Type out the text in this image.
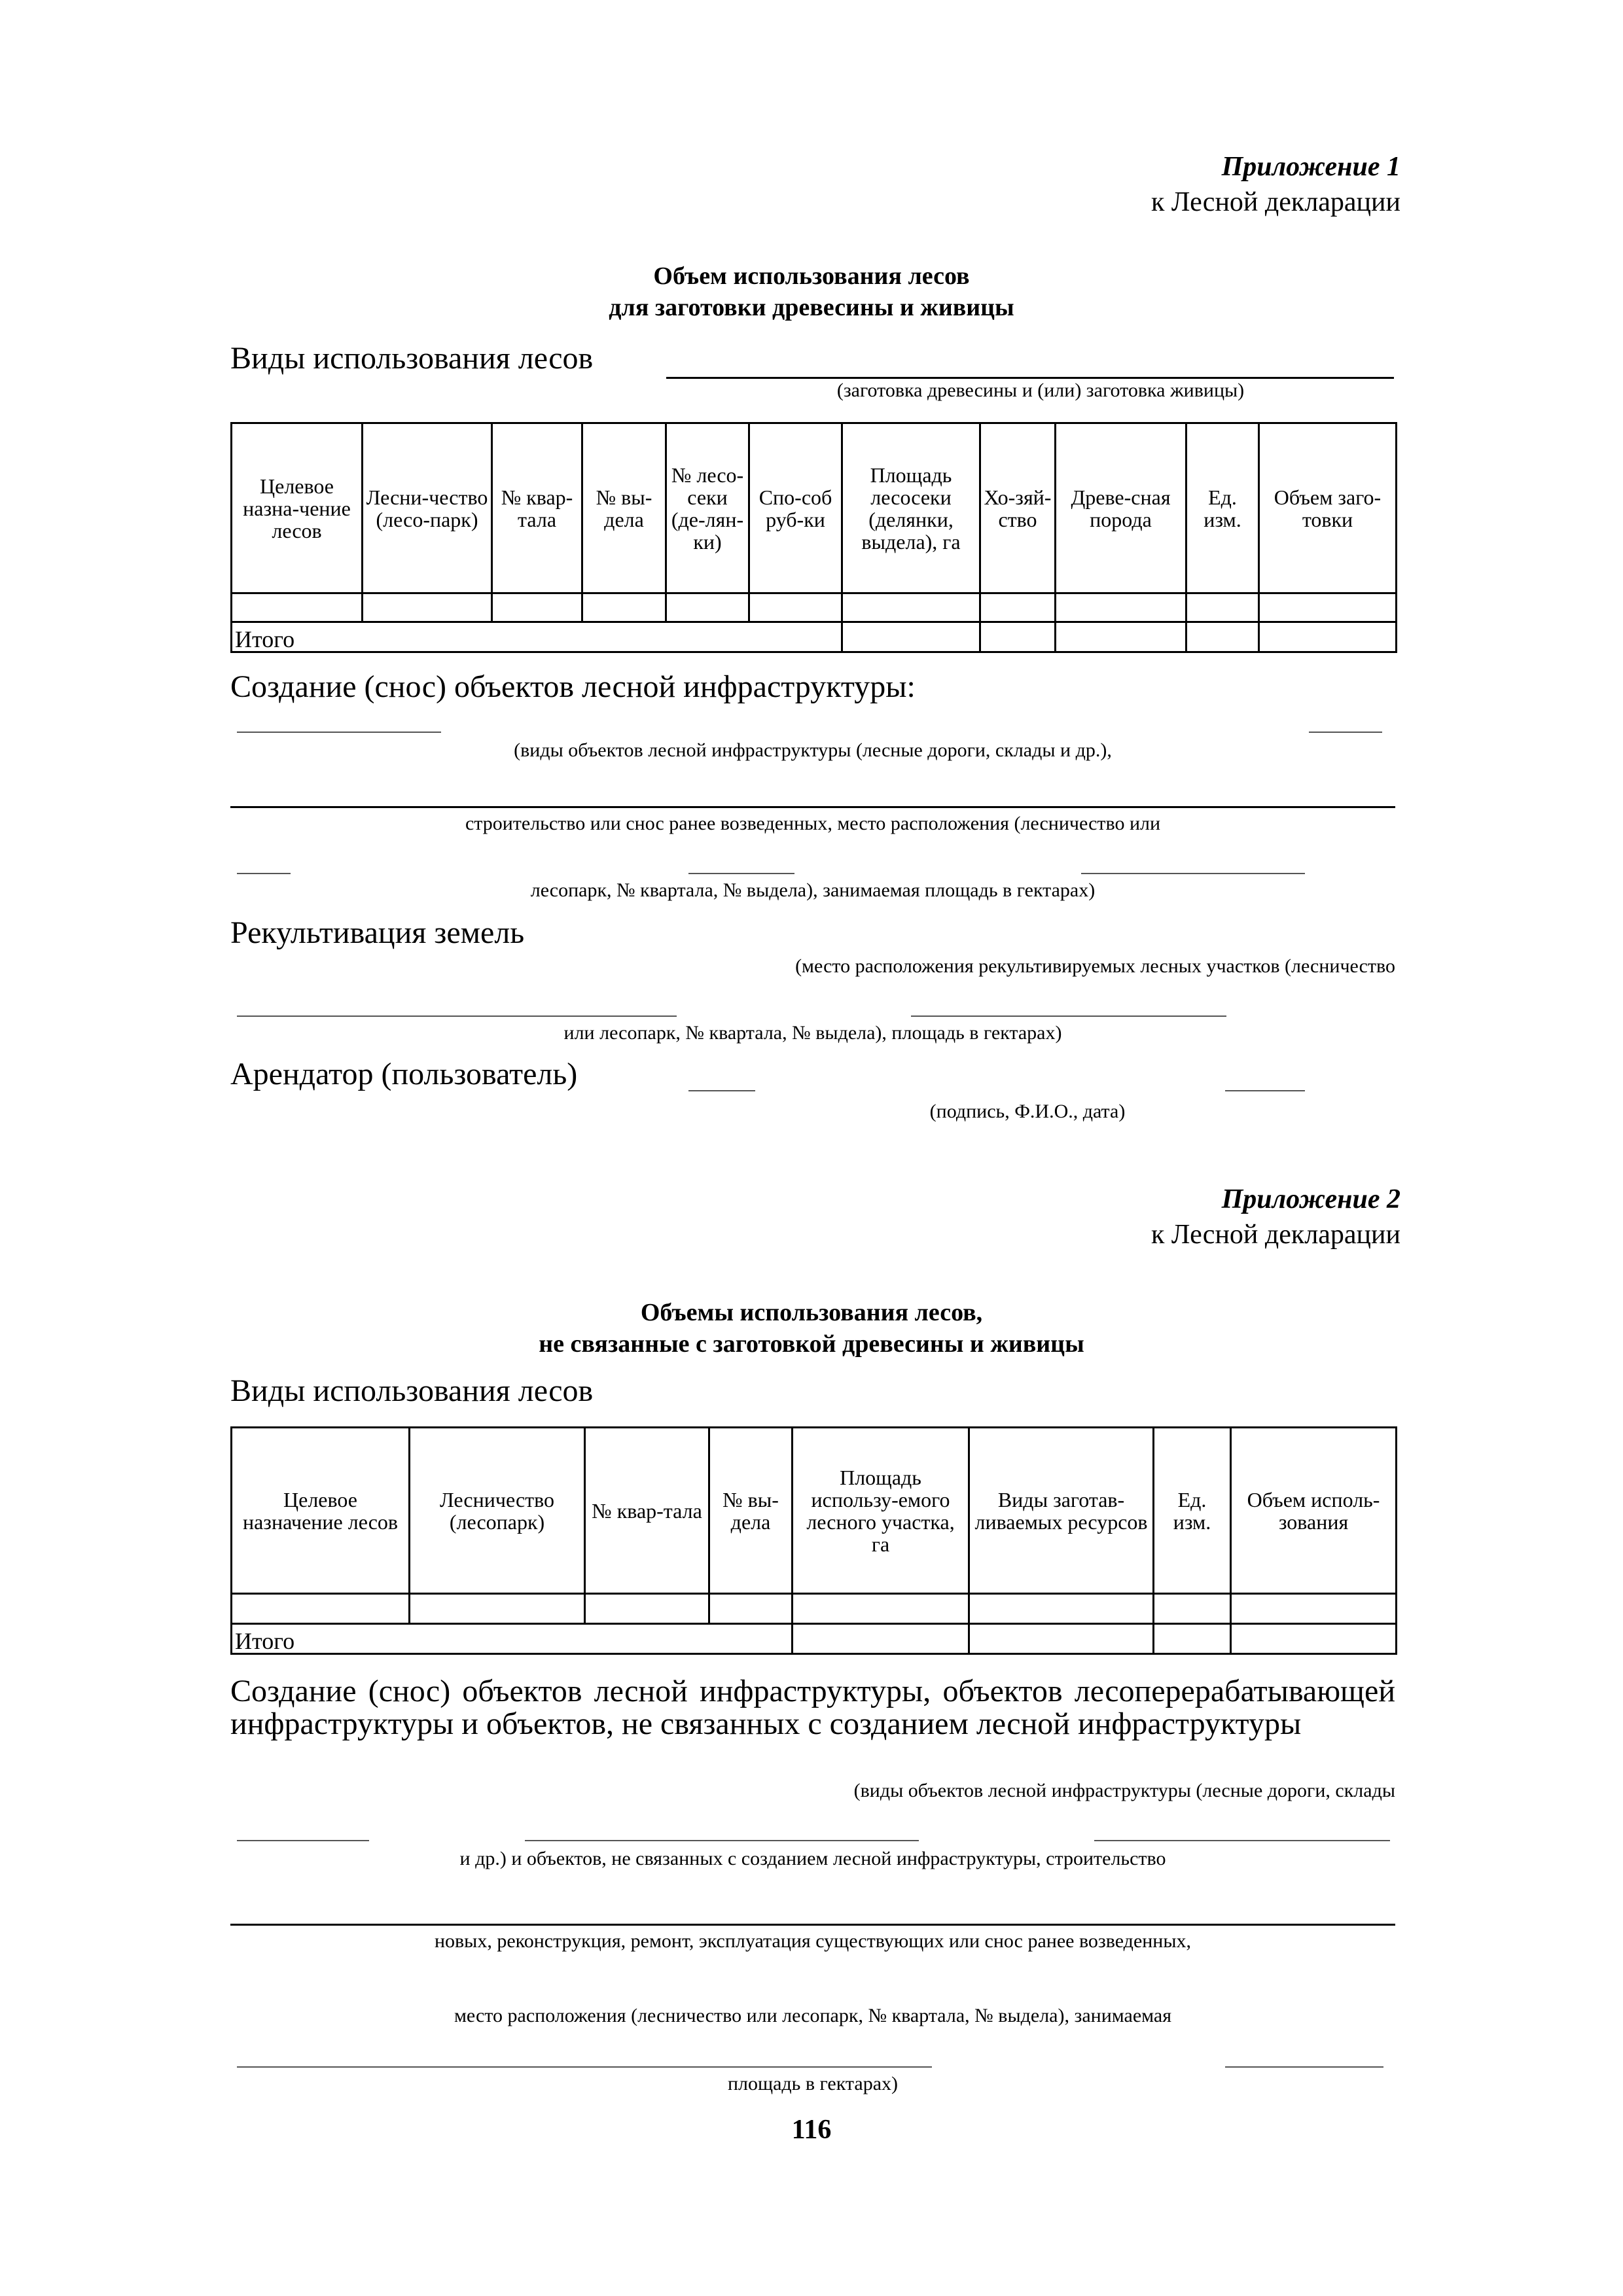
Приложение 1
к Лесной декларации
Объем использования лесов
для заготовки древесины и живицы
Виды использования лесов
(заготовка древесины и (или) заготовка живицы)
Целевое назна-чение лесов	Лесни-чество (лесо-парк)	№ квар-тала	№ вы-дела	№ лесо-секи (де-лян-ки)	Спо-соб руб-ки	Площадь лесосеки (делянки, выдела), га	Хо-зяй-ство	Древе-сная порода	Ед. изм.	Объем заго-товки

Итого										
Создание (снос) объектов лесной инфраструктуры:
(виды объектов лесной инфраструктуры (лесные дороги, склады и др.),
строительство или снос ранее возведенных, место расположения (лесничество или
лесопарк, № квартала, № выдела), занимаемая площадь в гектарах)
Рекультивация земель
(место расположения рекультивируемых лесных участков (лесничество
или лесопарк, № квартала, № выдела), площадь в гектарах)
Арендатор (пользователь)
(подпись, Ф.И.О., дата)
Приложение 2
к Лесной декларации
Объемы использования лесов,
не связанные с заготовкой древесины и живицы
Виды использования лесов
Целевое назначение лесов	Лесничество (лесопарк)	№ квар-тала	№ вы-дела	Площадь использу-емого лесного участка, га	Виды заготав-ливаемых ресурсов	Ед. изм.	Объем исполь-зования

Итого							
Создание (снос) объектов лесной инфраструктуры, объектов лесоперерабатывающей инфраструктуры и объектов, не связанных с созданием лесной инфраструктуры
(виды объектов лесной инфраструктуры (лесные дороги, склады
и др.) и объектов, не связанных с созданием лесной инфраструктуры, строительство
новых, реконструкция, ремонт, эксплуатация существующих или снос ранее возведенных,
место расположения (лесничество или лесопарк, № квартала, № выдела), занимаемая
площадь в гектарах)
116
